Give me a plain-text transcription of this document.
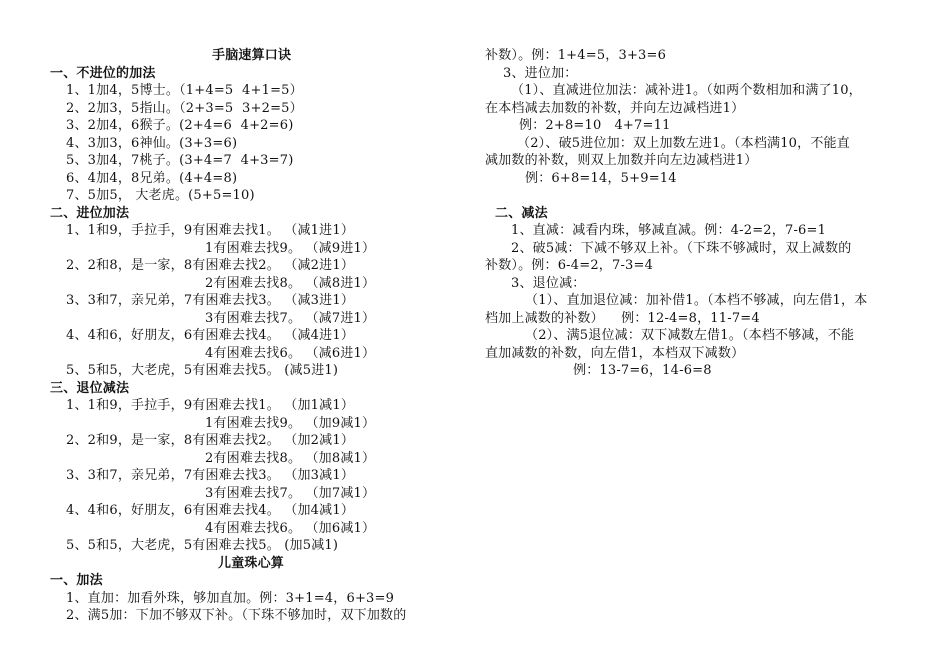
手脑速算口诀
一、不进位的加法
1、1加4，5博士。（1+4=5  4+1=5）
2、2加3，5指山。（2+3=5  3+2=5）
3、2加4，6猴子。(2+4=6  4+2=6)
4、3加3，6神仙。(3+3=6)
5、3加4，7桃子。(3+4=7  4+3=7)
6、4加4，8兄弟。(4+4=8)
7、5加5， 大老虎。(5+5=10)
二、进位加法
1、1和9，手拉手，9有困难去找1。 （减1进1）
1有困难去找9。 （减9进1）
2、2和8，是一家，8有困难去找2。 （减2进1）
2有困难去找8。 （减8进1）
3、3和7，亲兄弟，7有困难去找3。 （减3进1）
3有困难去找7。 （减7进1）
4、4和6，好朋友，6有困难去找4。 （减4进1）
4有困难去找6。 （减6进1）
5、5和5，大老虎，5有困难去找5。 (减5进1)
三、退位减法
1、1和9，手拉手，9有困难去找1。 （加1减1）
1有困难去找9。 （加9减1）
2、2和9，是一家，8有困难去找2。 （加2减1）
2有困难去找8。 （加8减1）
3、3和7，亲兄弟，7有困难去找3。 （加3减1）
3有困难去找7。 （加7减1）
4、4和6，好朋友，6有困难去找4。 （加4减1）
4有困难去找6。 （加6减1）
5、5和5，大老虎，5有困难去找5。 (加5减1)
儿童珠心算
一、加法
1、直加：加看外珠，够加直加。例：3+1=4，6+3=9
2、满5加：下加不够双下补。（下珠不够加时，双下加数的
补数）。例：1+4=5，3+3=6
3、进位加：
（1）、直减进位加法：减补进1。（如两个数相加和满了10，
在本档减去加数的补数，并向左边减档进1）
例：2+8=10   4+7=11
（2）、破5进位加：双上加数左进1。（本档满10，不能直
减加数的补数，则双上加数并向左边减档进1）
例：6+8=14，5+9=14
二、减法
1、直减：减看内珠，够减直减。例：4-2=2，7-6=1
2、破5减：下减不够双上补。（下珠不够减时，双上减数的
补数）。例：6-4=2，7-3=4
3、退位减：
（1）、直加退位减：加补借1。（本档不够减，向左借1，本
档加上减数的补数）    例：12-4=8，11-7=4
（2）、满5退位减：双下减数左借1。（本档不够减，不能
直加减数的补数，向左借1，本档双下减数）
例：13-7=6，14-6=8
